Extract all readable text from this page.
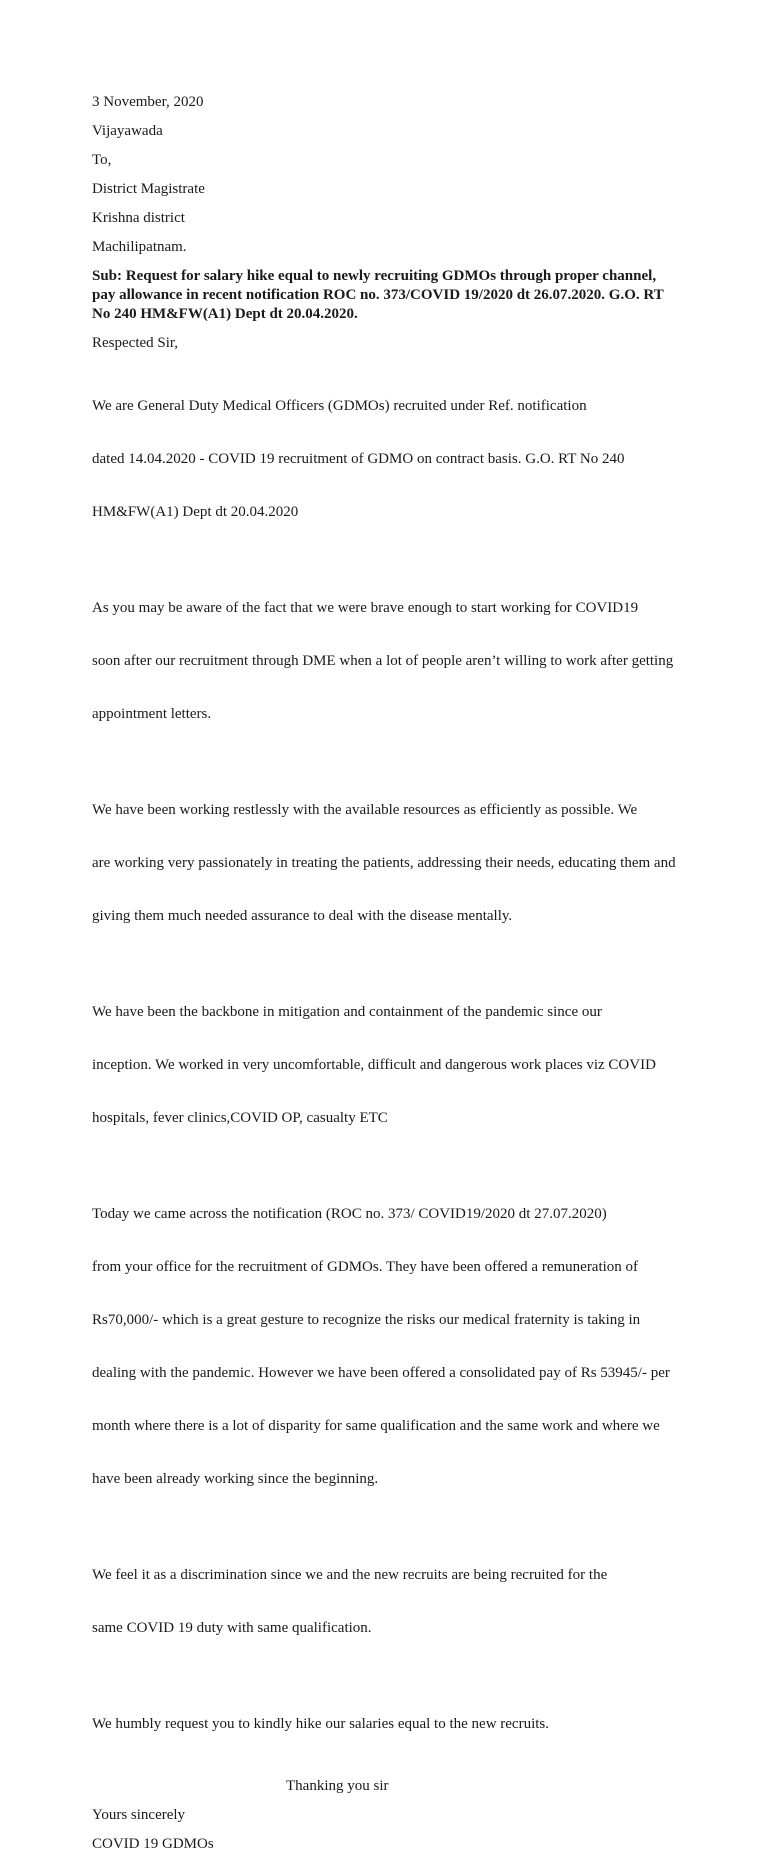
3 November, 2020

Vijayawada

To,

District Magistrate

Krishna district

Machilipatnam.

Sub: Request for salary hike equal to newly recruiting GDMOs through proper channel,
pay allowance in recent notification ROC no. 373/COVID 19/2020 dt 26.07.2020. G.O. RT
No 240 HM&FW(A1) Dept dt 20.04.2020.

Respected Sir,

We are General Duty Medical Officers (GDMOs) recruited under Ref. notification

dated 14.04.2020 - COVID 19 recruitment of GDMO on contract basis. G.O. RT No 240

HM&FW(A1) Dept dt 20.04.2020

As you may be aware of the fact that we were brave enough to start working for COVID19

soon after our recruitment through DME when a lot of people aren’t willing to work after getting

appointment letters.

We have been working restlessly with the available resources as efficiently as possible. We

are working very passionately in treating the patients, addressing their needs, educating them and

giving them much needed assurance to deal with the disease mentally.

We have been the backbone in mitigation and containment of the pandemic since our

inception. We worked in very uncomfortable, difficult and dangerous work places viz COVID

hospitals, fever clinics,COVID OP, casualty ETC

Today we came across the notification (ROC no. 373/ COVID19/2020 dt 27.07.2020)

from your office for the recruitment of GDMOs. They have been offered a remuneration of

Rs70,000/- which is a great gesture to recognize the risks our medical fraternity is taking in

dealing with the pandemic. However we have been offered a consolidated pay of Rs 53945/- per

month where there is a lot of disparity for same qualification and the same work and where we

have been already working since the beginning.

We feel it as a discrimination since we and the new recruits are being recruited for the

same COVID 19 duty with same qualification.

We humbly request you to kindly hike our salaries equal to the new recruits.

Thanking you sir

Yours sincerely

COVID 19 GDMOs
